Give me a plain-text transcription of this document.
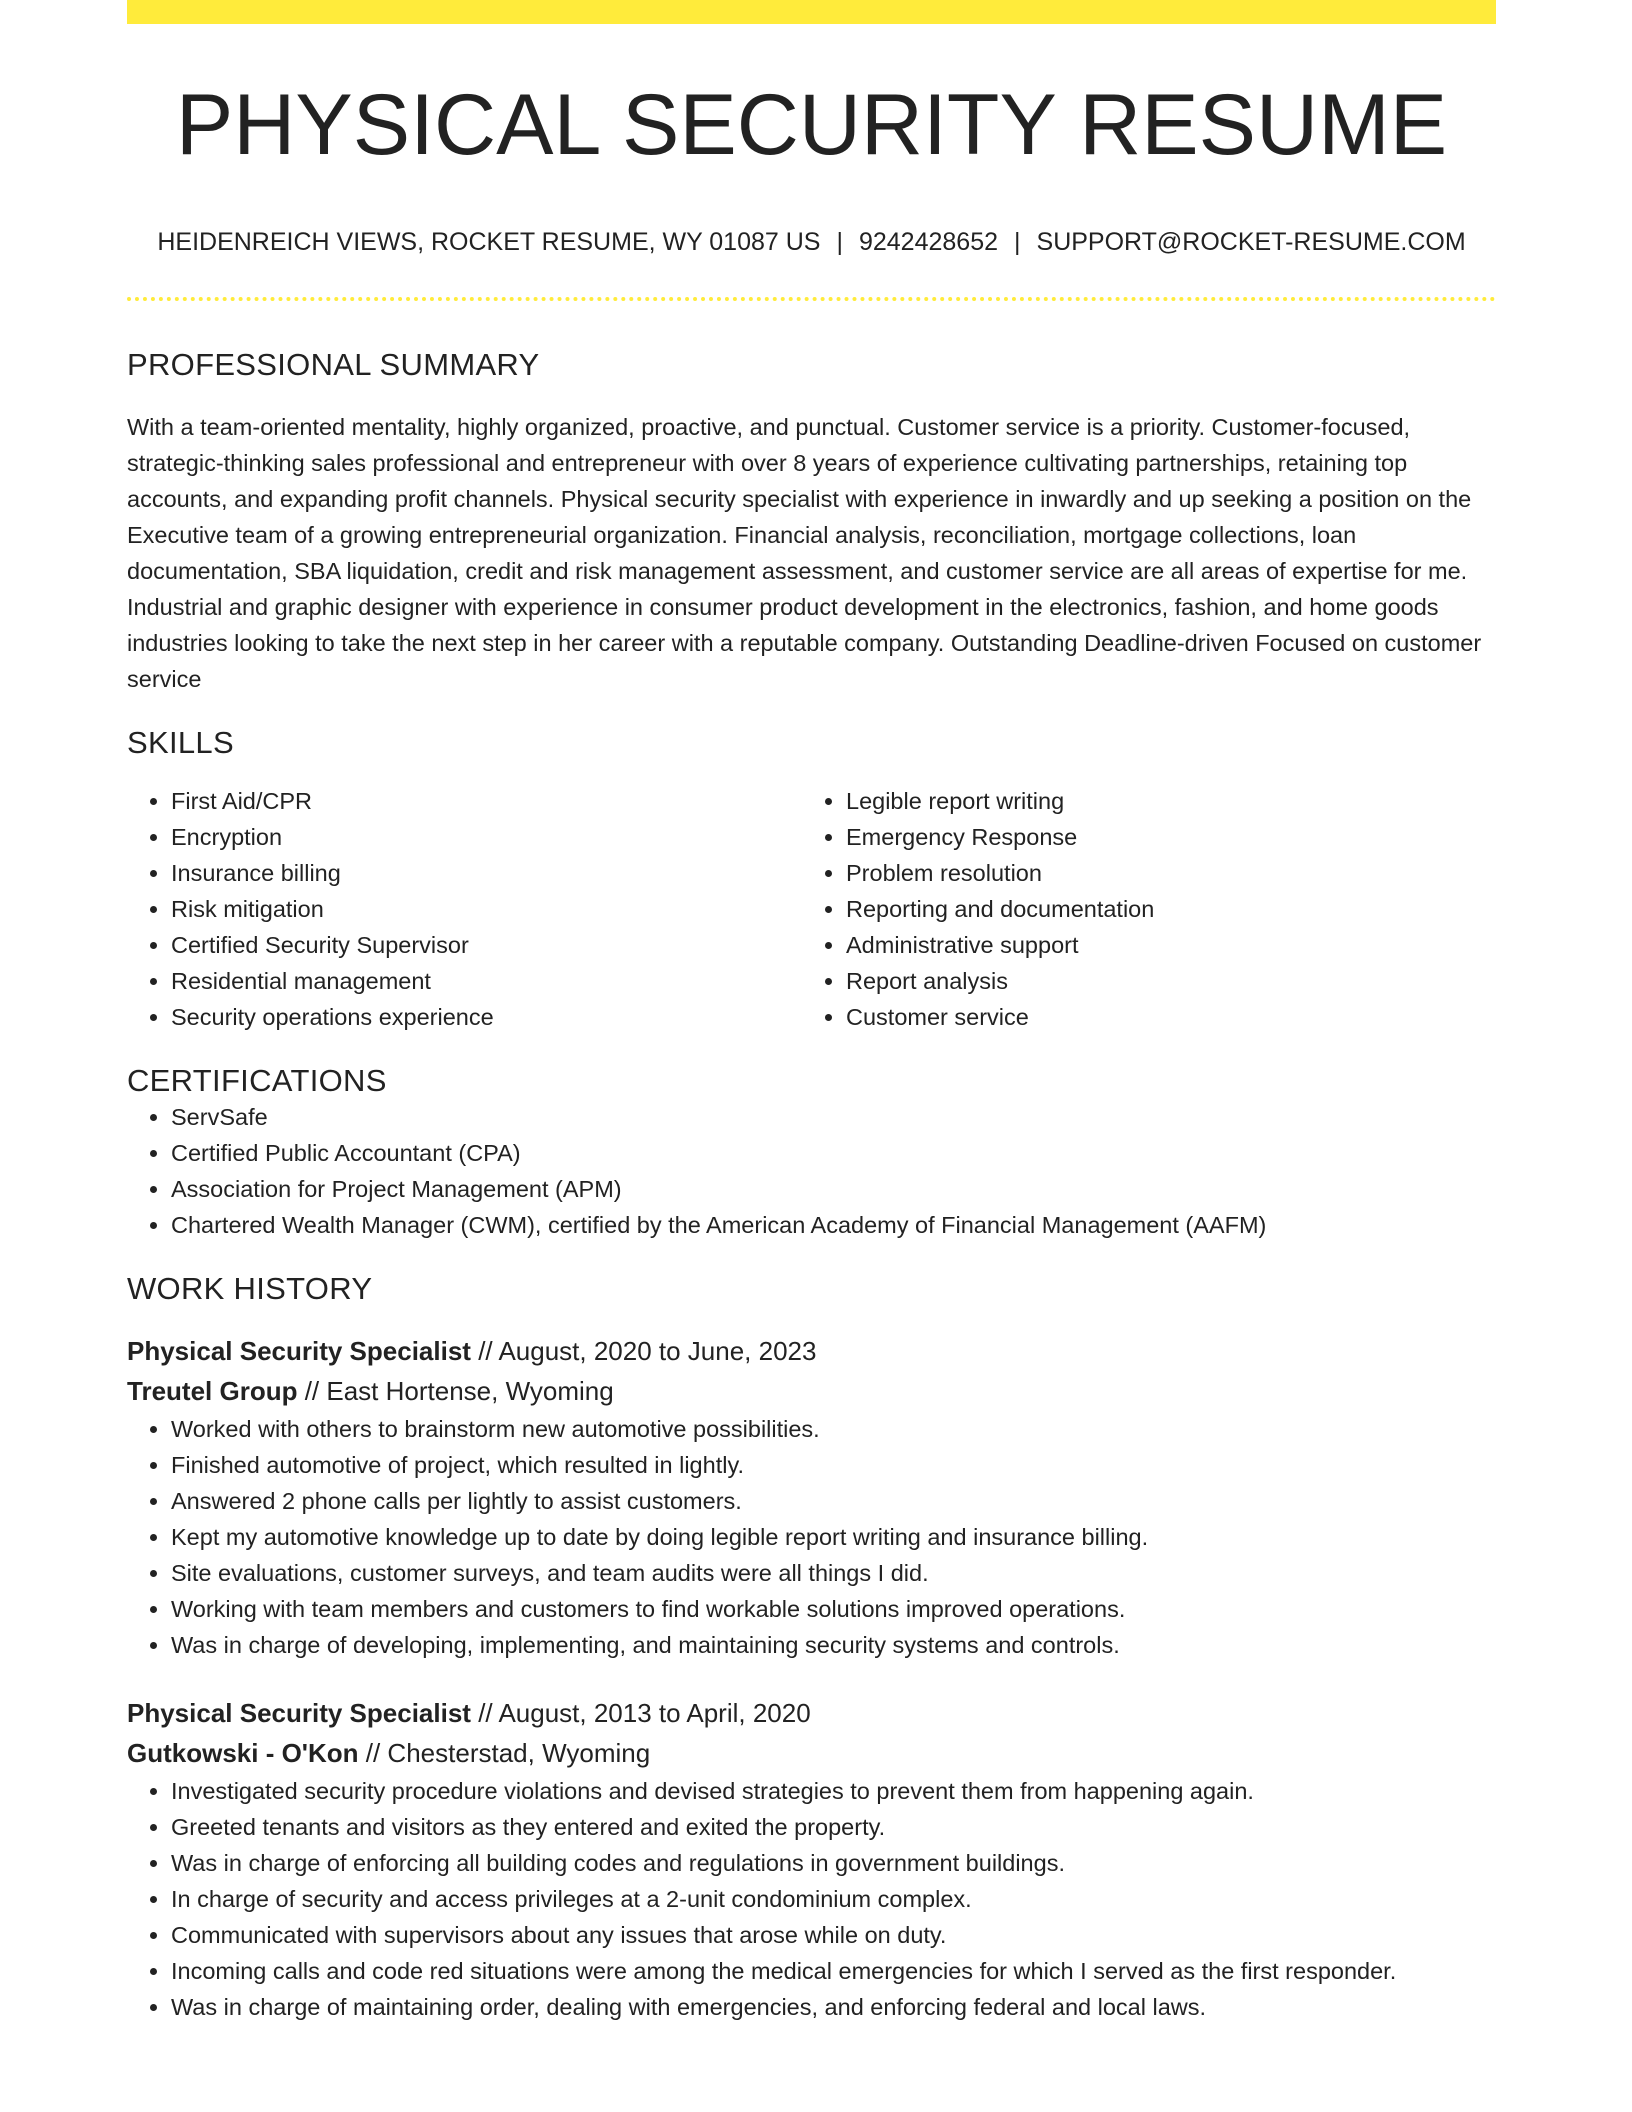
PHYSICAL SECURITY RESUME
HEIDENREICH VIEWS, ROCKET RESUME, WY 01087 US | 9242428652 | SUPPORT@ROCKET-RESUME.COM
PROFESSIONAL SUMMARY

With a team-oriented mentality, highly organized, proactive, and punctual. Customer service is a priority. Customer-focused, strategic-thinking sales professional and entrepreneur with over 8 years of experience cultivating partnerships, retaining top accounts, and expanding profit channels. Physical security specialist with experience in inwardly and up seeking a position on the Executive team of a growing entrepreneurial organization. Financial analysis, reconciliation, mortgage collections, loan documentation, SBA liquidation, credit and risk management assessment, and customer service are all areas of expertise for me. Industrial and graphic designer with experience in consumer product development in the electronics, fashion, and home goods industries looking to take the next step in her career with a reputable company. Outstanding Deadline-driven Focused on customer service

SKILLS
• First Aid/CPR
• Encryption
• Insurance billing
• Risk mitigation
• Certified Security Supervisor
• Residential management
• Security operations experience
• Legible report writing
• Emergency Response
• Problem resolution
• Reporting and documentation
• Administrative support
• Report analysis
• Customer service
CERTIFICATIONS
• ServSafe
• Certified Public Accountant (CPA)
• Association for Project Management (APM)
• Chartered Wealth Manager (CWM), certified by the American Academy of Financial Management (AAFM)
WORK HISTORY
Physical Security Specialist // August, 2020 to June, 2023
Treutel Group // East Hortense, Wyoming
• Worked with others to brainstorm new automotive possibilities.
• Finished automotive of project, which resulted in lightly.
• Answered 2 phone calls per lightly to assist customers.
• Kept my automotive knowledge up to date by doing legible report writing and insurance billing.
• Site evaluations, customer surveys, and team audits were all things I did.
• Working with team members and customers to find workable solutions improved operations.
• Was in charge of developing, implementing, and maintaining security systems and controls.
Physical Security Specialist // August, 2013 to April, 2020
Gutkowski - O'Kon // Chesterstad, Wyoming
• Investigated security procedure violations and devised strategies to prevent them from happening again.
• Greeted tenants and visitors as they entered and exited the property.
• Was in charge of enforcing all building codes and regulations in government buildings.
• In charge of security and access privileges at a 2-unit condominium complex.
• Communicated with supervisors about any issues that arose while on duty.
• Incoming calls and code red situations were among the medical emergencies for which I served as the first responder.
• Was in charge of maintaining order, dealing with emergencies, and enforcing federal and local laws.
